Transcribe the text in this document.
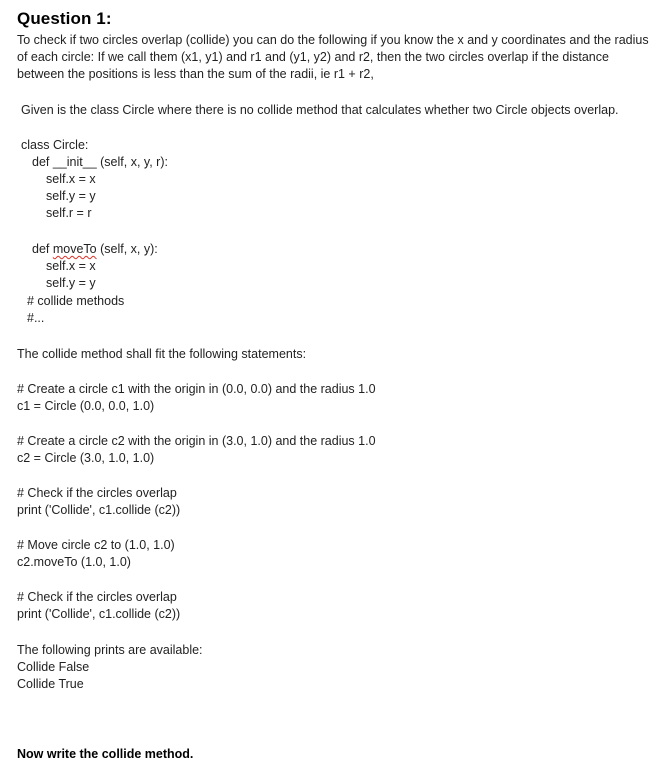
Question 1:

To check if two circles overlap (collide) you can do the following if you know the x and y coordinates and the radius of each circle: If we call them (x1, y1) and r1 and (y1, y2) and r2, then the two circles overlap if the distance between the positions is less than the sum of the radii, ie r1 + r2,

Given is the class Circle where there is no collide method that calculates whether two Circle objects overlap.
class Circle:
def __init__ (self, x, y, r):
self.x = x
self.y = y
self.r = r
def moveTo (self, x, y):
self.x = x
self.y = y
# collide methods
#...
The collide method shall fit the following statements:
# Create a circle c1 with the origin in (0.0, 0.0) and the radius 1.0
c1 = Circle (0.0, 0.0, 1.0)
# Create a circle c2 with the origin in (3.0, 1.0) and the radius 1.0
c2 = Circle (3.0, 1.0, 1.0)
# Check if the circles overlap
print ('Collide', c1.collide (c2))
# Move circle c2 to (1.0, 1.0)
c2.moveTo (1.0, 1.0)
# Check if the circles overlap
print ('Collide', c1.collide (c2))
The following prints are available:
Collide False
Collide True
Now write the collide method.
